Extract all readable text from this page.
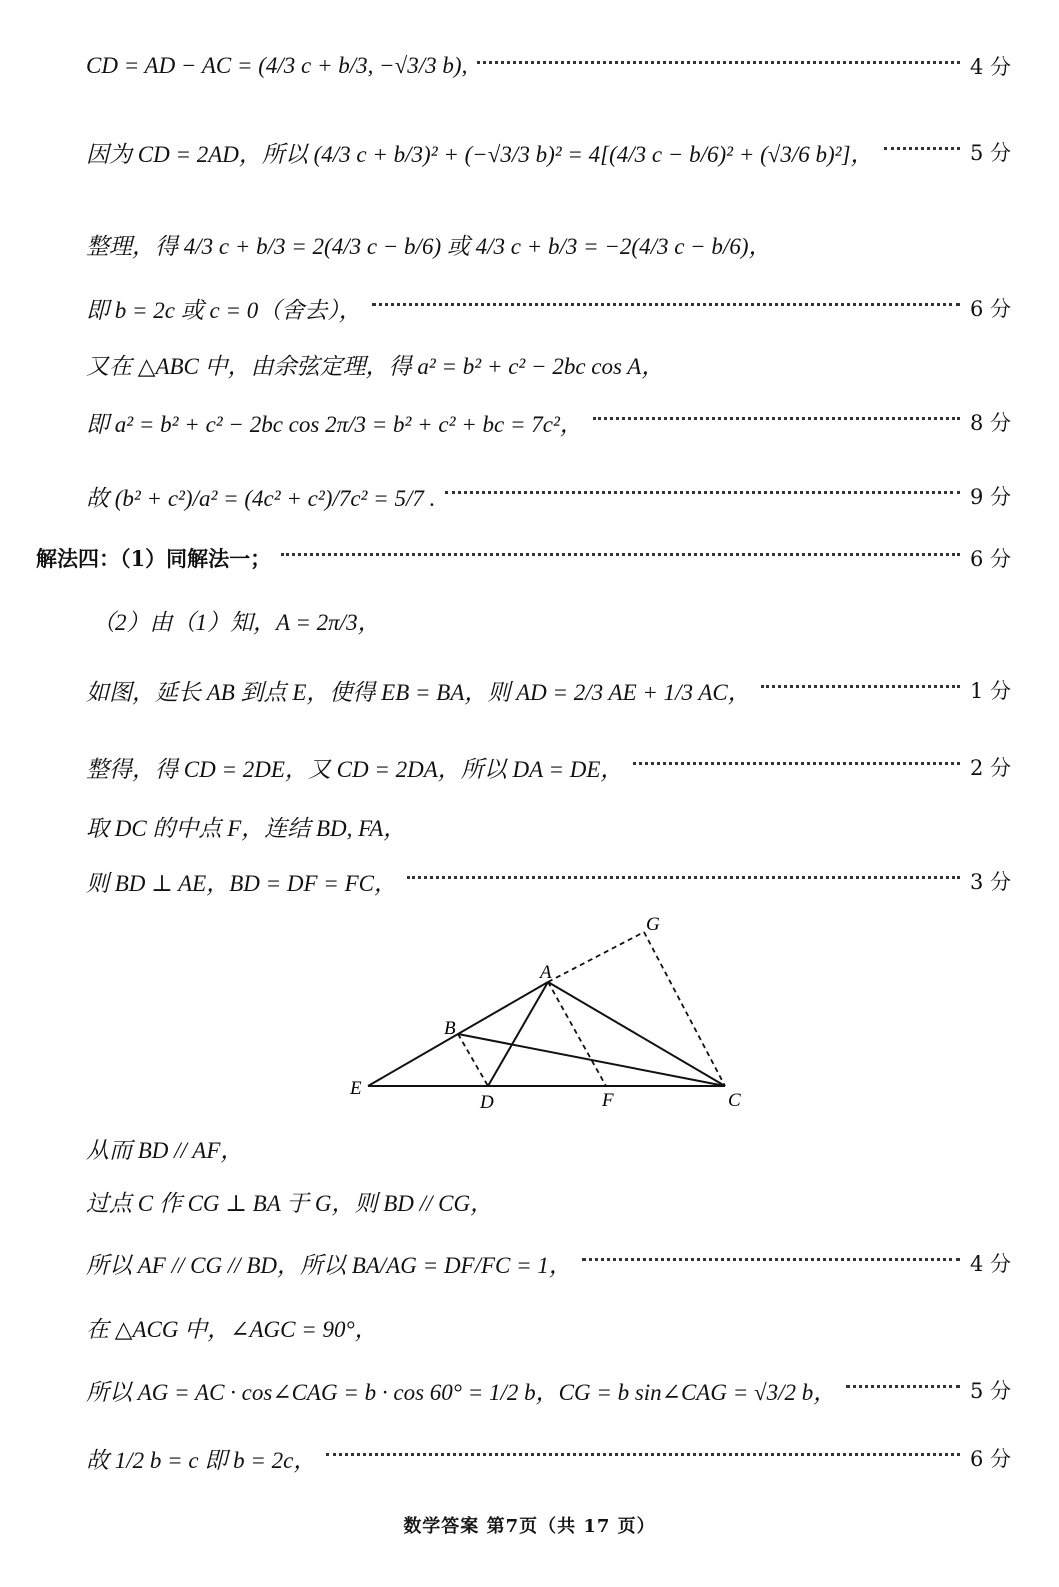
CD = AD − AC = (4/3 c + b/3, −√3/3 b),	4 分
因为 CD = 2AD，所以 (4/3 c + b/3)² + (−√3/3 b)² = 4[(4/3 c − b/6)² + (√3/6 b)²]，	5 分
整理，得 4/3 c + b/3 = 2(4/3 c − b/6) 或 4/3 c + b/3 = −2(4/3 c − b/6)，
即 b = 2c 或 c = 0（舍去），	6 分
又在 △ABC 中，由余弦定理，得 a² = b² + c² − 2bc cos A，
即 a² = b² + c² − 2bc cos 2π/3 = b² + c² + bc = 7c²，	8 分
故 (b² + c²)/a² = (4c² + c²)/7c² = 5/7 .	9 分
解法四：（1）同解法一；	6 分
（2）由（1）知，A = 2π/3，
如图，延长 AB 到点 E，使得 EB = BA，则 AD = 2/3 AE + 1/3 AC，	1 分
整得，得 CD = 2DE，又 CD = 2DA，所以 DA = DE，	2 分
取 DC 的中点 F，连结 BD, FA，
则 BD ⊥ AE，BD = DF = FC，	3 分
G
A
B
E
D	F	C
从而 BD // AF，
过点 C 作 CG ⊥ BA 于 G，则 BD // CG，
所以 AF // CG // BD，所以 BA/AG = DF/FC = 1，	4 分
在 △ACG 中，∠AGC = 90°，
所以 AG = AC · cos∠CAG = b · cos 60° = 1/2 b，CG = b sin∠CAG = √3/2 b，	5 分
故 1/2 b = c 即 b = 2c，	6 分
数学答案 第7页（共 17 页）
